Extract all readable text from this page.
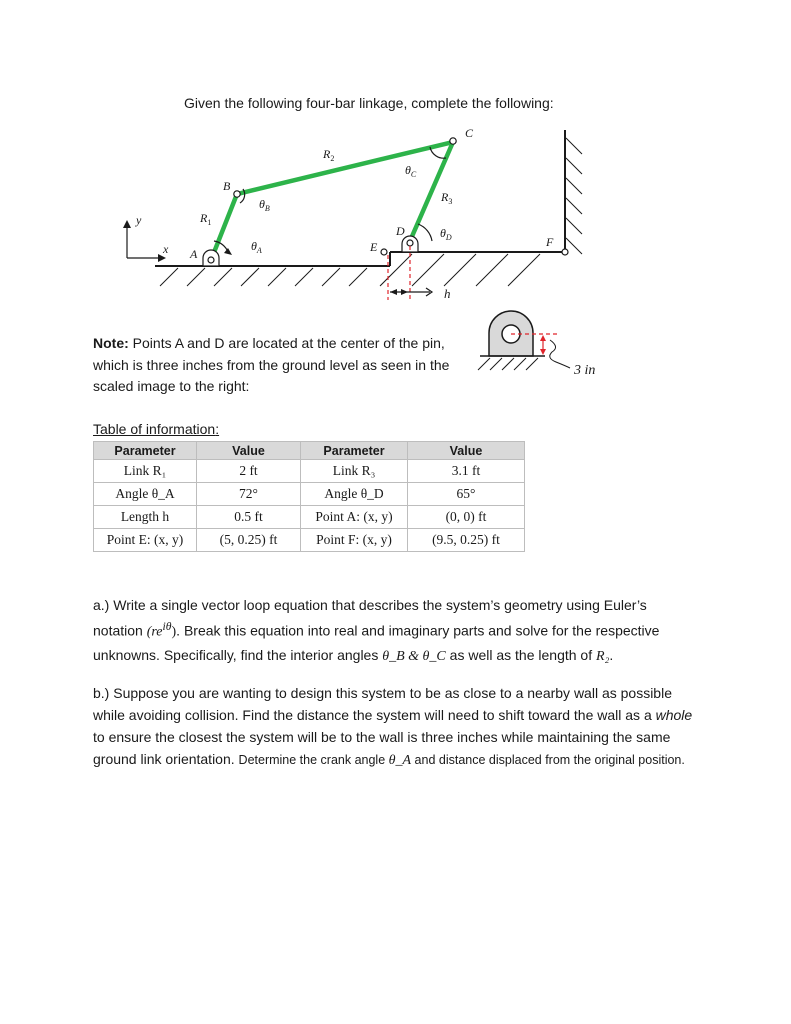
Given the following four-bar linkage, complete the following:
A
B
C
D
E	F
$R_1$
$R_2$
$R_3$
$\theta_A$
$\theta_B$
$\theta_C$
$\theta_D$
h
x
y
3 in
Note: Points A and D are located at the center of the pin, which is three inches from the ground level as seen in the scaled image to the right:
Table of information:
Parameter	Value	Parameter	Value
Link R₁	2 ft	Link R₃	3.1 ft
Angle θ_A	72°	Angle θ_D	65°
Length h	0.5 ft	Point A: (x, y)	(0, 0) ft
Point E: (x, y)	(5, 0.25) ft	Point F: (x, y)	(9.5, 0.25) ft
a.) Write a single vector loop equation that describes the system’s geometry using Euler’s notation $(re^{i\theta})$. Break this equation into real and imaginary parts and solve for the respective unknowns. Specifically, find the interior angles θ_B & θ_C as well as the length of R₂.
b.) Suppose you are wanting to design this system to be as close to a nearby wall as possible while avoiding collision. Find the distance the system will need to shift toward the wall as a whole to ensure the closest the system will be to the wall is three inches while maintaining the same ground link orientation. Determine the crank angle θ_A and distance displaced from the original position.
